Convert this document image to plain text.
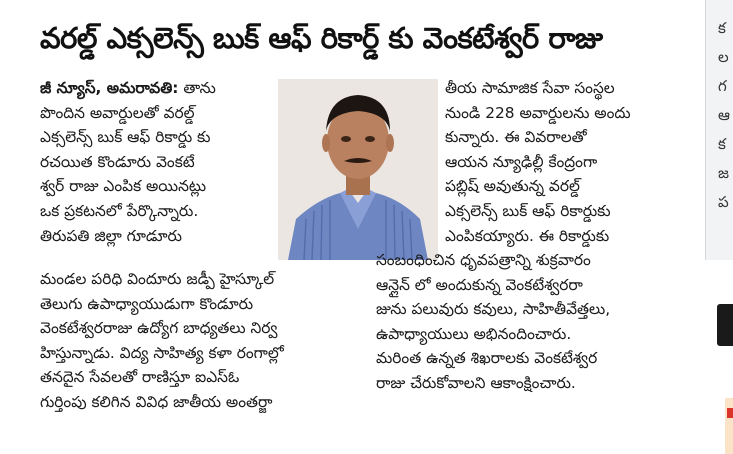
వరల్డ్ ఎక్సలెన్స్ బుక్ ఆఫ్ రికార్డ్ కు వెంకటేశ్వర్ రాజు
జీ న్యూస్, అమరావతి: తాను
పొందిన అవార్డులతో వరల్డ్
ఎక్సలెన్స్ బుక్ ఆఫ్ రికార్డు కు
రచయిత కొండూరు వెంకటే
శ్వర్ రాజు ఎంపిక అయినట్లు
ఒక ప్రకటనలో పేర్కొన్నారు.
తిరుపతి జిల్లా గూడూరు
మండల పరిధి విందూరు జడ్పీ హైస్కూల్
తెలుగు ఉపాధ్యాయుడుగా కొండూరు
వెంకటేశ్వరరాజు ఉద్యోగ బాధ్యతలు నిర్వ
హిస్తున్నాడు. విద్య సాహిత్య కళా రంగాల్లో
తనదైన సేవలతో రాణిస్తూ ఐఎస్ఓ
గుర్తింపు కలిగిన వివిధ జాతీయ అంతర్జా
తీయ సామాజిక సేవా సంస్థల
నుండి 228 అవార్డులను అందు
కున్నారు. ఈ వివరాలతో
ఆయన న్యూఢిల్లీ కేంద్రంగా
పబ్లిష్ అవుతున్న వరల్డ్
ఎక్సలెన్స్ బుక్ ఆఫ్ రికార్డుకు
ఎంపికయ్యారు. ఈ రికార్డుకు
సంబంధించిన ధృవపత్రాన్ని శుక్రవారం
ఆన్లైన్ లో అందుకున్న వెంకటేశ్వరరా
జును పలువురు కవులు, సాహితీవేత్తలు,
ఉపాధ్యాయులు అభినందించారు.
మరింత ఉన్నత శిఖరాలకు వెంకటేశ్వర
రాజు చేరుకోవాలని ఆకాంక్షించారు.
క
ల
గ
ఆ
క
జ
ప
